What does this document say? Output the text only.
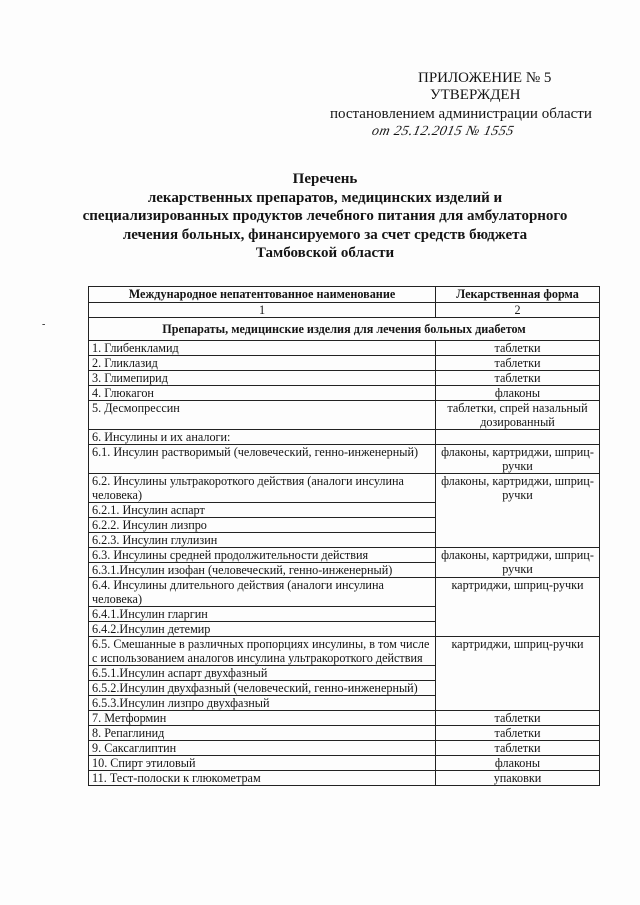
ПРИЛОЖЕНИЕ № 5
УТВЕРЖДЕН
постановлением администрации области
от 25.12.2015 № 1555
-
Перечень
лекарственных препаратов, медицинских изделий и
специализированных продуктов лечебного питания для амбулаторного
лечения больных, финансируемого за счет средств бюджета
Тамбовской области
Международное непатентованное наименование	Лекарственная форма
1	2
Препараты, медицинские изделия для лечения больных диабетом	
1. Глибенкламид	таблетки
2. Гликлазид	таблетки
3. Глимепирид	таблетки
4. Глюкагон	флаконы
5. Десмопрессин	таблетки, спрей назальный дозированный
6. Инсулины и их аналоги:	
6.1. Инсулин растворимый (человеческий, генно-инженерный)	флаконы, картриджи, шприц-ручки
6.2. Инсулины ультракороткого действия (аналоги инсулина человека)	флаконы, картриджи, шприц-ручки
6.2.1. Инсулин аспарт	
6.2.2. Инсулин лизпро	
6.2.3. Инсулин глулизин	
6.3. Инсулины средней продолжительности действия	флаконы, картриджи, шприц-ручки
6.3.1.Инсулин изофан (человеческий, генно-инженерный)	
6.4. Инсулины длительного действия (аналоги инсулина человека)	картриджи, шприц-ручки
6.4.1.Инсулин гларгин	
6.4.2.Инсулин детемир	
6.5. Смешанные в различных пропорциях инсулины, в том числе с использованием аналогов инсулина ультракороткого действия	картриджи, шприц-ручки
6.5.1.Инсулин аспарт двухфазный	
6.5.2.Инсулин двухфазный (человеческий, генно-инженерный)	
6.5.3.Инсулин лизпро двухфазный	
7. Метформин	таблетки
8. Репаглинид	таблетки
9. Саксаглиптин	таблетки
10. Спирт этиловый	флаконы
11. Тест-полоски к глюкометрам	упаковки
